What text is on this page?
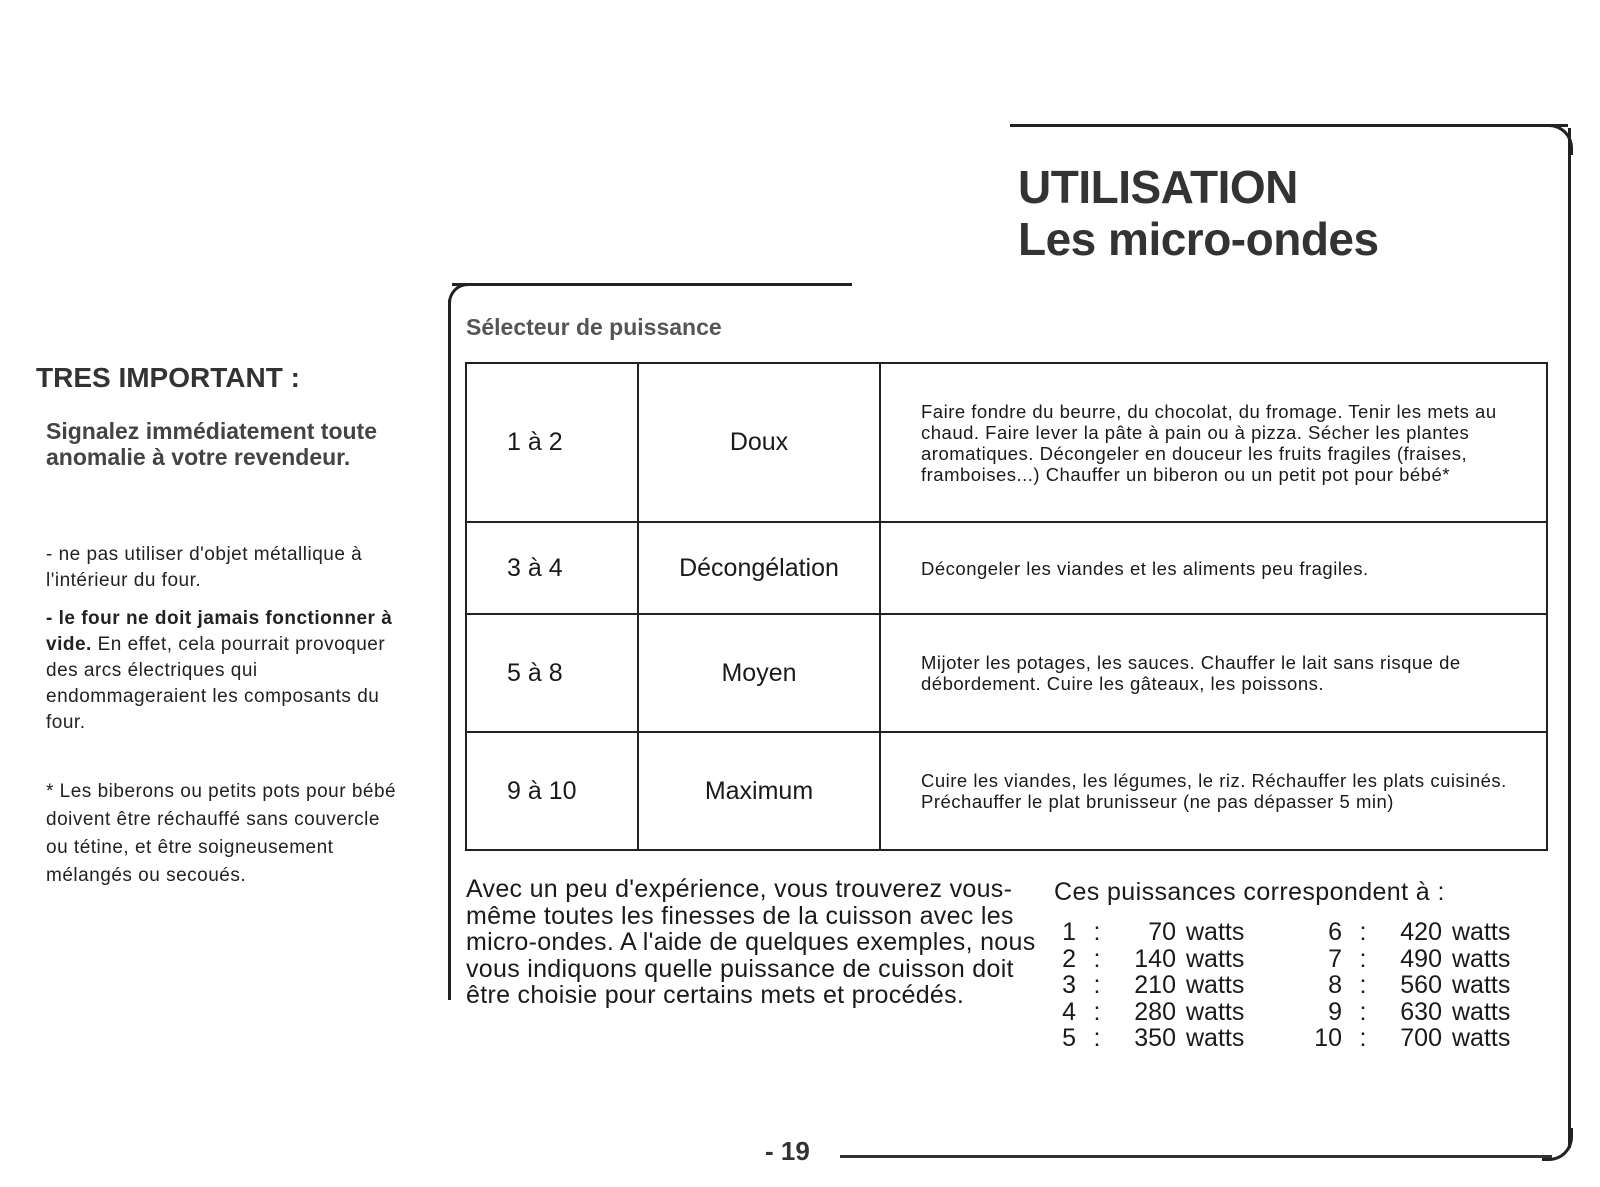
UTILISATION
Les micro-ondes
TRES IMPORTANT :
Signalez immédiatement toute anomalie à votre revendeur.
- ne pas utiliser d'objet métallique à l'intérieur du four.
- le four ne doit jamais fonctionner à vide. En effet, cela pourrait provoquer des arcs électriques qui endommageraient les composants du four.
* Les biberons ou petits pots pour bébé doivent être réchauffé sans couvercle ou tétine, et être soigneusement mélangés ou secoués.
Sélecteur de puissance
1 à 2	Doux	Faire fondre du beurre, du chocolat, du fromage. Tenir les mets au chaud. Faire lever la pâte à pain ou à pizza. Sécher les plantes aromatiques. Décongeler en douceur les fruits fragiles (fraises, framboises...) Chauffer un biberon ou un petit pot pour bébé*
3 à 4	Décongélation	Décongeler les viandes et les aliments peu fragiles.
5 à 8	Moyen	Mijoter les potages, les sauces. Chauffer le lait sans risque de débordement. Cuire les gâteaux, les poissons.
9 à 10	Maximum	Cuire les viandes, les légumes, le riz. Réchauffer les plats cuisinés. Préchauffer le plat brunisseur (ne pas dépasser 5 min)
Avec un peu d'expérience, vous trouverez vous-même toutes les finesses de la cuisson avec les micro-ondes. A l'aide de quelques exemples, nous vous indiquons quelle puissance de cuisson doit être choisie pour certains mets et procédés.
Ces puissances correspondent à :
1 :	70 watts
2 :	140 watts
3 :	210 watts
4 :	280 watts
5 :	350 watts
6 :	420 watts
7 :	490 watts
8 :	560 watts
9 :	630 watts
10 :	700 watts
- 19
